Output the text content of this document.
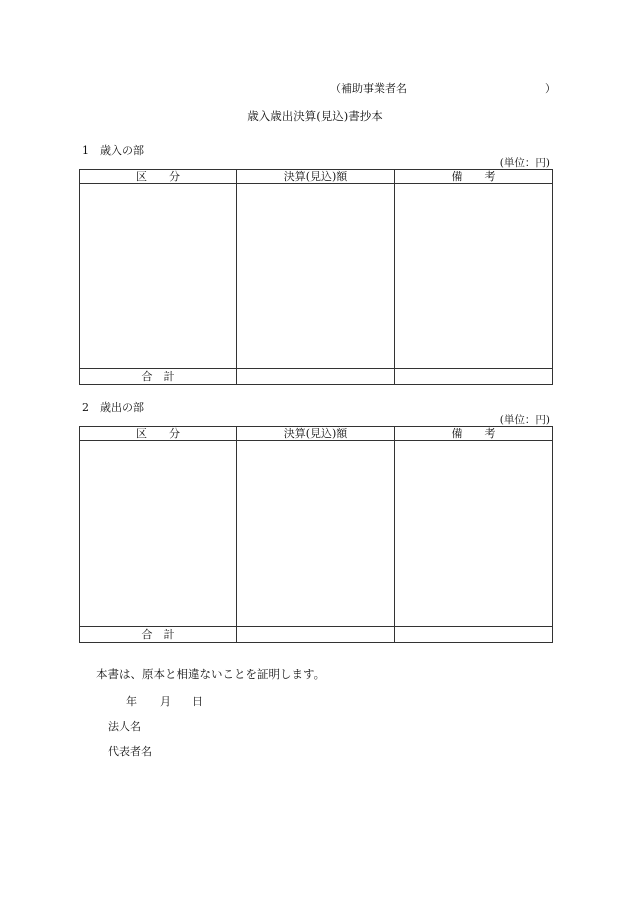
（補助事業者名	）
歳入歳出決算(見込)書抄本
1　歳入の部
(単位：円)
区　　分	決算(見込)額	備　　考

合　計		
2　歳出の部
(単位：円)
区　　分	決算(見込)額	備　　考

合　計		
本書は、原本と相違ないことを証明します。
年 月 日
法人名
代表者名
